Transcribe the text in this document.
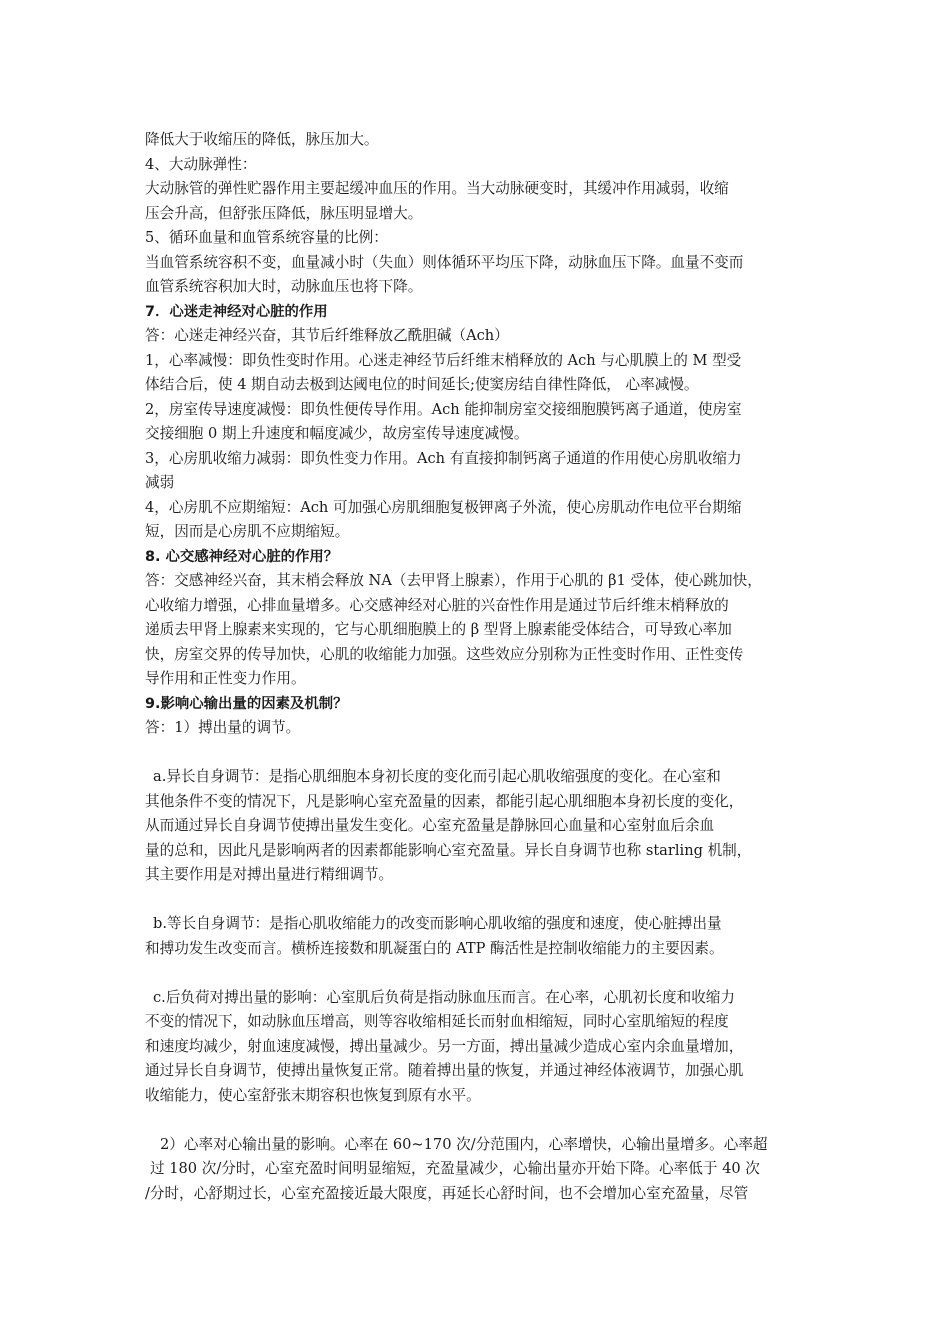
降低大于收缩压的降低，脉压加大。
4、大动脉弹性：
大动脉管的弹性贮器作用主要起缓冲血压的作用。当大动脉硬变时，其缓冲作用减弱，收缩
压会升高，但舒张压降低，脉压明显增大。
5、循环血量和血管系统容量的比例：
当血管系统容积不变，血量减小时（失血）则体循环平均压下降，动脉血压下降。血量不变而
血管系统容积加大时，动脉血压也将下降。
7．心迷走神经对心脏的作用
答：心迷走神经兴奋，其节后纤维释放乙酰胆碱（Ach）
1，心率减慢：即负性变时作用。心迷走神经节后纤维末梢释放的 Ach 与心肌膜上的 M 型受
体结合后，使 4 期自动去极到达阈电位的时间延长;使窦房结自律性降低， 心率减慢。
2，房室传导速度减慢：即负性便传导作用。Ach 能抑制房室交接细胞膜钙离子通道，使房室
交接细胞 0 期上升速度和幅度减少，故房室传导速度减慢。
3，心房肌收缩力减弱：即负性变力作用。Ach 有直接抑制钙离子通道的作用使心房肌收缩力
减弱
4，心房肌不应期缩短：Ach 可加强心房肌细胞复极钾离子外流，使心房肌动作电位平台期缩
短，因而是心房肌不应期缩短。
8. 心交感神经对心脏的作用？
答：交感神经兴奋，其末梢会释放 NA（去甲肾上腺素），作用于心肌的 β1 受体，使心跳加快，
心收缩力增强，心排血量增多。心交感神经对心脏的兴奋性作用是通过节后纤维末梢释放的
递质去甲肾上腺素来实现的，它与心肌细胞膜上的 β 型肾上腺素能受体结合，可导致心率加
快，房室交界的传导加快，心肌的收缩能力加强。这些效应分别称为正性变时作用、正性变传
导作用和正性变力作用。
9.影响心输出量的因素及机制？
答：1）搏出量的调节。
a.异长自身调节：是指心肌细胞本身初长度的变化而引起心肌收缩强度的变化。在心室和
其他条件不变的情况下，凡是影响心室充盈量的因素，都能引起心肌细胞本身初长度的变化，
从而通过异长自身调节使搏出量发生变化。心室充盈量是静脉回心血量和心室射血后余血
量的总和，因此凡是影响两者的因素都能影响心室充盈量。异长自身调节也称 starling 机制，
其主要作用是对搏出量进行精细调节。
b.等长自身调节：是指心肌收缩能力的改变而影响心肌收缩的强度和速度，使心脏搏出量
和搏功发生改变而言。横桥连接数和肌凝蛋白的 ATP 酶活性是控制收缩能力的主要因素。
c.后负荷对搏出量的影响：心室肌后负荷是指动脉血压而言。在心率，心肌初长度和收缩力
不变的情况下，如动脉血压增高，则等容收缩相延长而射血相缩短，同时心室肌缩短的程度
和速度均减少，射血速度减慢，搏出量减少。另一方面，搏出量减少造成心室内余血量增加，
通过异长自身调节，使搏出量恢复正常。随着搏出量的恢复，并通过神经体液调节，加强心肌
收缩能力，使心室舒张末期容积也恢复到原有水平。
2）心率对心输出量的影响。心率在 60~170 次/分范围内，心率增快，心输出量增多。心率超
过 180 次/分时，心室充盈时间明显缩短，充盈量减少，心输出量亦开始下降。心率低于 40 次
/分时，心舒期过长，心室充盈接近最大限度，再延长心舒时间，也不会增加心室充盈量，尽管
